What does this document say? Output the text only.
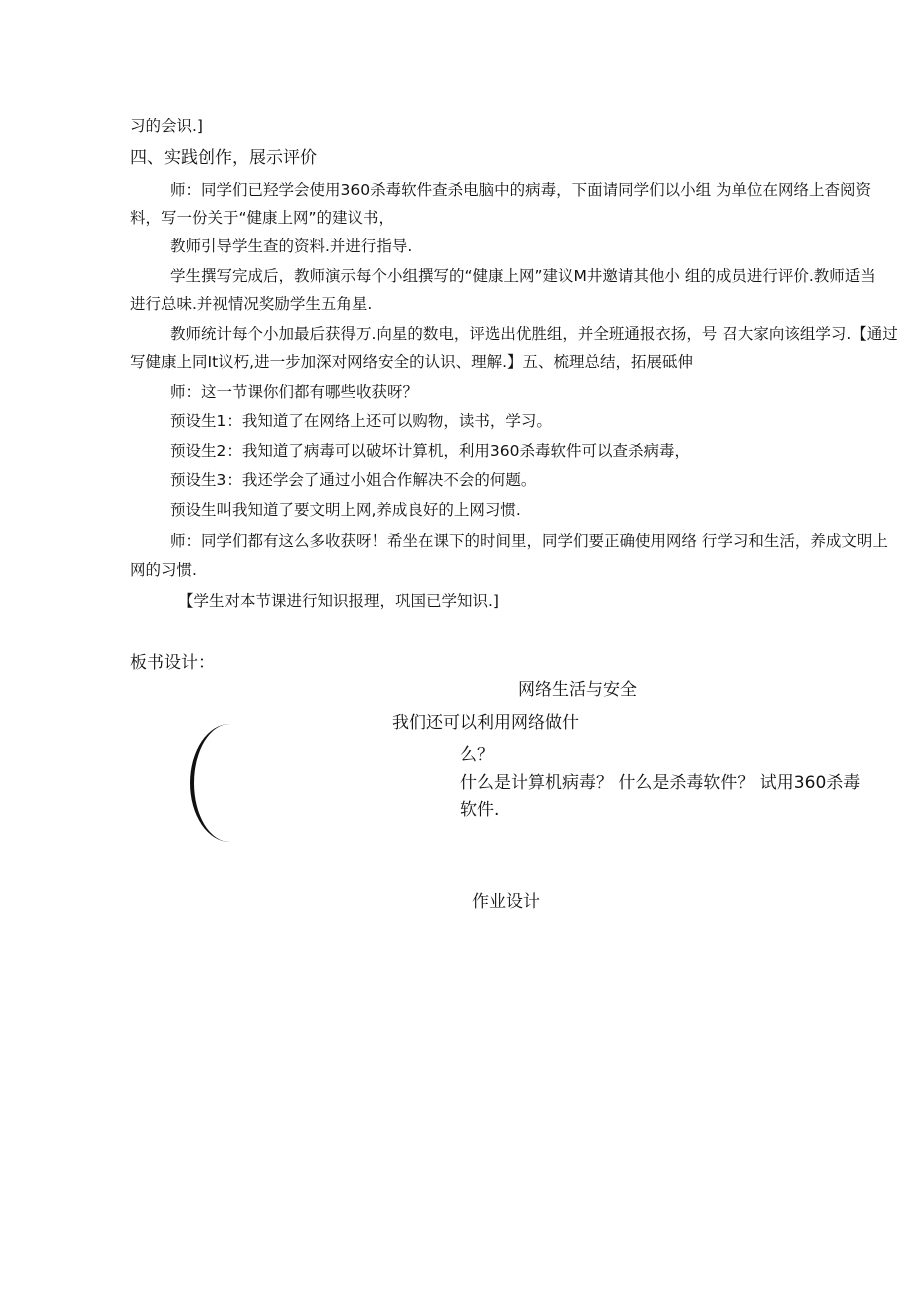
习的会识.]
四、实践创作，展示评价
师：同学们已羟学会使用360杀毒软件查杀电脑中的病毒，下面请同学们以小组 为单位在网络上杳阅资
料，写一份关于“健康上网”的建议书，
教师引导学生查的资料.并进行指导.
学生撰写完成后，教师演示每个小组撰写的“健康上网”建议M井邀请其他小 组的成员进行评价.教师适当
进行总味.并视情况奖励学生五角星.
教师统计每个小加最后获得万.向星的数电，评选出优胜组，并全班通报衣扬，号 召大家向该组学习.【通过
写健康上同It议朽,进一步加深对网络安全的认识、理解.】五、梳理总结，拓展砥伸
师：这一节课你们都有哪些收获呀？
预设生1：我知道了在网络上还可以购物，读书，学习。
预设生2：我知道了病毒可以破坏计算机，利用360杀毒软件可以查杀病毒，
预设生3：我还学会了通过小姐合作解决不会的何题。
预设生叫我知道了要文明上网,养成良好的上网习惯.
师：同学们都有这么多收获呀！希坐在课下的时间里，同学们要正确使用网络 行学习和生活，养成文明上
网的习惯.
【学生对本节课进行知识报理，巩国已学知识.]
板书设计：
网络生活与安全
我们还可以利用网络做什
么？
什么是计算机病毒？ 什么是杀毒软件？ 试用360杀毒
软件.
作业设计
